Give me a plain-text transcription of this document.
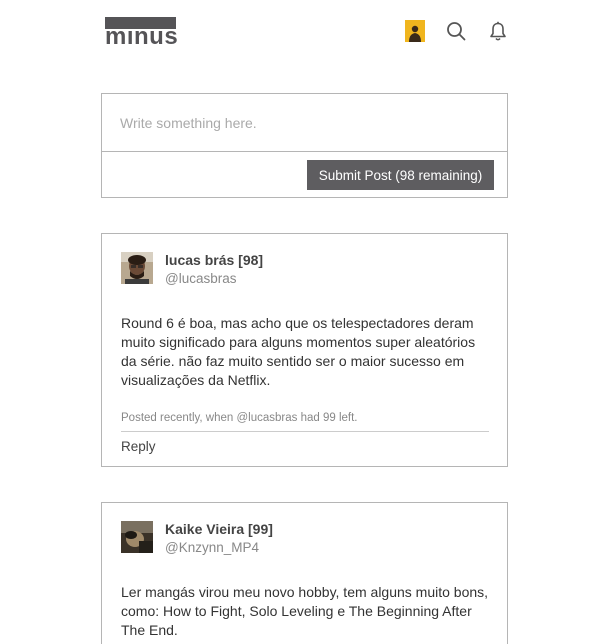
minus
Write something here.
Submit Post (98 remaining)
lucas brás [98]
@lucasbras
Round 6 é boa, mas acho que os telespectadores deram muito significado para alguns momentos super aleatórios da série. não faz muito sentido ser o maior sucesso em visualizações da Netflix.
Posted recently, when @lucasbras had 99 left.
Reply
Kaike Vieira [99]
@Knzynn_MP4
Ler mangás virou meu novo hobby, tem alguns muito bons, como: How to Fight, Solo Leveling e The Beginning After The End.
